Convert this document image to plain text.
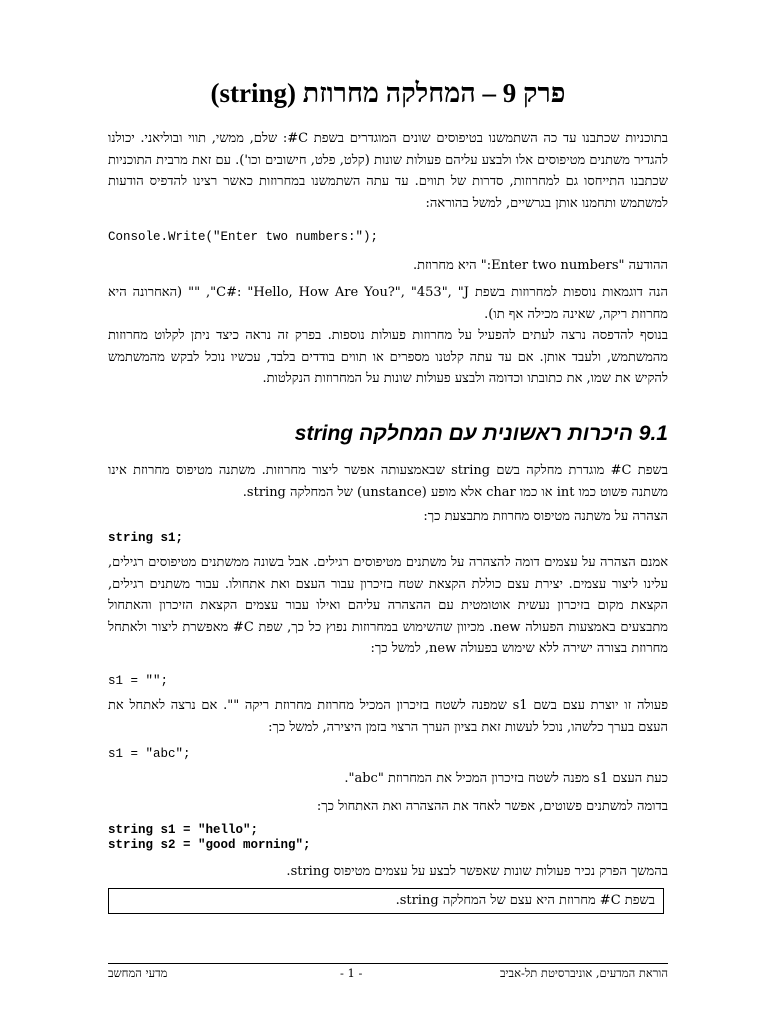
פרק 9 – המחלקה מחרוזת (string)

בתוכניות שכתבנו עד כה השתמשנו בטיפוסים שונים המוגדרים בשפת C#: שלם, ממשי, תווי ובוליאני. יכולנו להגדיר משתנים מטיפוסים אלו ולבצע עליהם פעולות שונות (קלט, פלט, חישובים וכו'). עם זאת מרבית התוכניות שכתבנו התייחסו גם למחרוזות, סדרות של תווים. עד עתה השתמשנו במחרוזות כאשר רצינו להדפיס הודעות למשתמש ותחמנו אותן בגרשיים, למשל בהוראה:

Console.Write("Enter two numbers:");

ההודעה "Enter two numbers:" היא מחרוזת.

הנה דוגמאות נוספות למחרוזות בשפת C#: "Hello, How Are You?", "453", "J", "" (האחרונה היא מחרוזת ריקה, שאינה מכילה אף תו).

בנוסף להדפסה נרצה לעתים להפעיל על מחרוזות פעולות נוספות. בפרק זה נראה כיצד ניתן לקלוט מחרוזות מהמשתמש, ולעבד אותן. אם עד עתה קלטנו מספרים או תווים בודדים בלבד, עכשיו נוכל לבקש מהמשתמש להקיש את שמו, את כתובתו וכדומה ולבצע פעולות שונות על המחרוזות הנקלטות.

9.1 היכרות ראשונית עם המחלקה string

בשפת C# מוגדרת מחלקה בשם string שבאמצעותה אפשר ליצור מחרוזות. משתנה מטיפוס מחרוזת אינו משתנה פשוט כמו int או כמו char אלא מופע (unstance) של המחלקה string.

הצהרה על משתנה מטיפוס מחרוזת מתבצעת כך:

string s1;

אמנם הצהרה על עצמים דומה להצהרה על משתנים מטיפוסים רגילים. אבל בשונה ממשתנים מטיפוסים רגילים, עלינו ליצור עצמים. יצירת עצם כוללת הקצאת שטח בזיכרון עבור העצם ואת אתחולו. עבור משתנים רגילים, הקצאת מקום בזיכרון נעשית אוטומטית עם ההצהרה עליהם ואילו עבור עצמים הקצאת הזיכרון והאתחול מתבצעים באמצעות הפעולה new. מכיוון שהשימוש במחרוזות נפוץ כל כך, שפת C# מאפשרת ליצור ולאתחל מחרוזת בצורה ישירה ללא שימוש בפעולה new, למשל כך:

s1 = "";

פעולה זו יוצרת עצם בשם s1 שמפנה לשטח בזיכרון המכיל מחרוזת מחרוזת ריקה "". אם נרצה לאתחל את העצם בערך כלשהו, נוכל לעשות זאת בציון הערך הרצוי בזמן היצירה, למשל כך:

s1 = "abc";

כעת העצם s1 מפנה לשטח בזיכרון המכיל את המחרוזת "abc".

בדומה למשתנים פשוטים, אפשר לאחד את ההצהרה ואת האתחול כך:

string s1 = "hello";
string s2 = "good morning";

בהמשך הפרק נכיר פעולות שונות שאפשר לבצע על עצמים מטיפוס string.

בשפת C# מחרוזת היא עצם של המחלקה string.
הוראת המדעים, אוניברסיטת תל-אביב
- 1 -
מדעי המחשב
